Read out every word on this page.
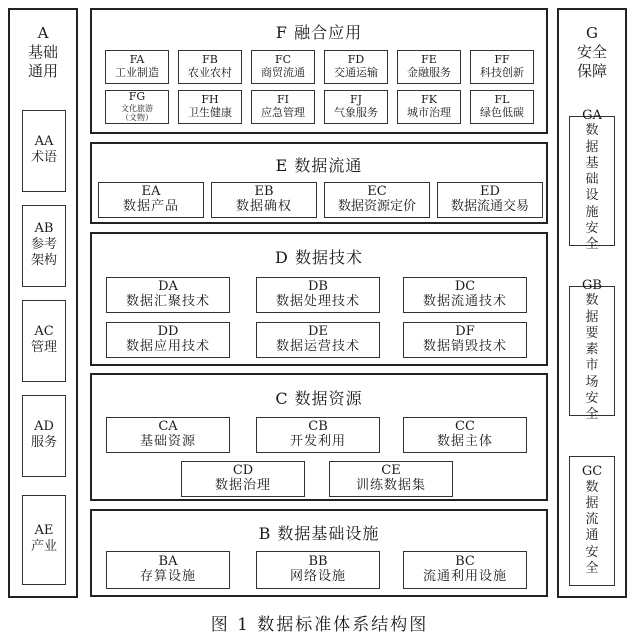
A
基础通用
AA
术语
AB
参考架构
AC
管理
AD
服务
AE
产业
G
安全保障
GA
数据基础设施安全
GB
数据要素市场安全
GC
数据流通安全
F 融合应用
FA
工业制造
FB
农业农村
FC
商贸流通
FD
交通运输
FE
金融服务
FF
科技创新
FG
文化旅游
（文物）
FH
卫生健康
FI
应急管理
FJ
气象服务
FK
城市治理
FL
绿色低碳
E 数据流通
EA
数据产品
EB
数据确权
EC
数据资源定价
ED
数据流通交易
D 数据技术
DA
数据汇聚技术
DB
数据处理技术
DC
数据流通技术
DD
数据应用技术
DE
数据运营技术
DF
数据销毁技术
C 数据资源
CA
基础资源
CB
开发利用
CC
数据主体
CD
数据治理
CE
训练数据集
B 数据基础设施
BA
存算设施
BB
网络设施
BC
流通利用设施
图 1 数据标准体系结构图
